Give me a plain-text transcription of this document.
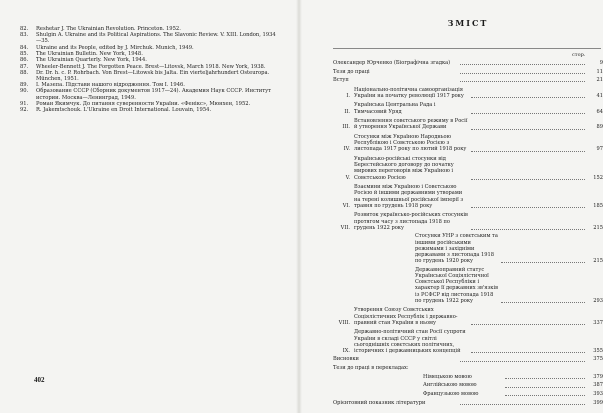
82.	Reshetar J. The Ukrainian Revolution. Princeton. 1952.
83.	Shulgin A. Ukraine and its Political Aspirations. The Slavonic Review. V. XIII. London, 1934—35.
84.	Ukraine and its People, edited by J. Mirchuk. Munich, 1949.
85.	The Ukrainian Bulletin. New York, 1948.
86.	The Ukrainian Quarterly. New York, 1944.
87.	Wheeler-Bennett J. The Forgotten Peace. Brest—Litovsk, March 1918. New York, 1938.
88.	Dr. Dr. h. c. P. Rohrbach. Von Brest—Litowsk bis Jalta. Ein vierteljahrhundert Osteuropa. München, 1951.
89.	І. Мазепа. Підстави нашого відродження. Том I. 1946.
90.	Образование СССР (Сборник документов 1917—24). Академия Наук СССР. Институт истории. Москва—Ленинград, 1949.
91.	Роман Якимчук. До питання суверенности України. «Фенікс», Мюнхен, 1952.
92.	R. Jakemtschouk. L'Ukraine en Droit International. Louvain, 1954.
402
ЗМІСТ
стор.
Олександер Юрченко (Біографічна згадка)	9
Тези до праці	11
Вступ	21
I.
Національно-політична самоорганізація України на початку революції 1917 року	41
II.
Українська Центральна Рада і Тимчасовий Уряд	64
III.
Встановлення совєтського режиму в Росії й утворення Української Держави	89
IV.
Стосунки між Україною Народньою Республікою і Совєтською Росією з листопада 1917 року по лютий 1918 року	97
V.
Українсько-російські стосунки від Берестейського договору до початку мирових переговорів між Україною і Совєтською Росією	152
VI.
Взаємини між Україною і Совєтською Росією й іншими державними утворами на терені колишньої російської імперії з травня по грудень 1918 року	185
VII.
Розвиток українсько-російських стосунків протягом часу з листопада 1918 по грудень 1922 року	215
Стосунки УНР з совєтським та іншими російськими режимами і західніми державами з листопада 1918 по грудень 1920 року	215
Державноправний статус Української Соціялістичної Совєтської Республіки і характер її державних зв'язків із РСФСР від листопада 1918 по грудень 1922 року	293
VIII.
Утворення Союзу Совєтських Соціялістичних Республік і державно-правний стан України в ньому	337
IX.
Державно-політичний стан Росії супроти України в складі СССР у світлі сьогоднішніх совєтських політичних, історичних і державницьких концепцій	355
Висновки	375
Тези до праці в перекладах:
Німецькою мовою	379
Англійською мовою	387
Французькою мовою	393
Орієнтовний показник літератури	399
